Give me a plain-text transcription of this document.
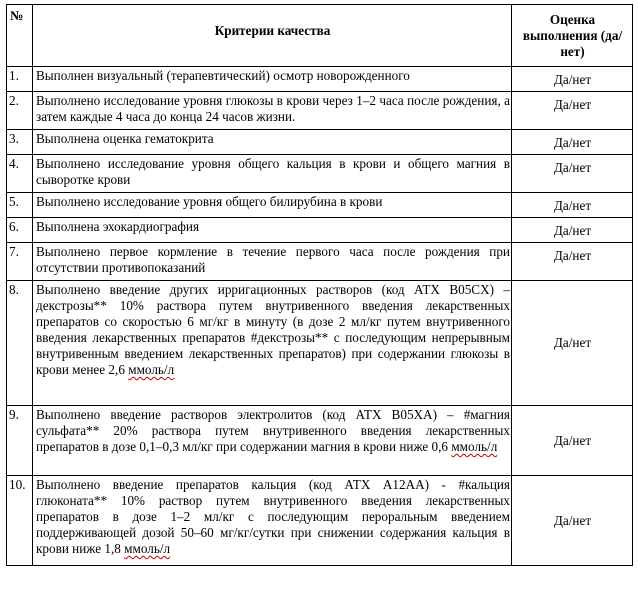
№	Критерии качества	Оценка выполнения (да/нет)
1.	Выполнен визуальный (терапевтический) осмотр новорожденного	Да/нет
2.	Выполнено исследование уровня глюкозы в крови через 1–2 часа после рождения, а затем каждые 4 часа до конца 24 часов жизни.	Да/нет
3.	Выполнена оценка гематокрита	Да/нет
4.	Выполнено исследование уровня общего кальция в крови и общего магния в сыворотке крови	Да/нет
5.	Выполнено исследование уровня общего билирубина в крови	Да/нет
6.	Выполнена эхокардиография	Да/нет
7.	Выполнено первое кормление в течение первого часа после рождения при отсутствии противопоказаний	Да/нет
8.	Выполнено введение других ирригационных растворов (код АТХ B05CX) – декстрозы** 10% раствора путем внутривенного введения лекарственных препаратов со скоростью 6 мг/кг в минуту (в дозе 2 мл/кг путем внутривенного введения лекарственных препаратов #декстрозы** с последующим непрерывным внутривенным введением лекарственных препаратов) при содержании глюкозы в крови менее 2,6 ммоль/л	Да/нет
9.	Выполнено введение растворов электролитов (код АТХ B05XA) – #магния сульфата** 20% раствора путем внутривенного введения лекарственных препаратов в дозе 0,1–0,3 мл/кг при содержании магния в крови ниже 0,6 ммоль/л	Да/нет
10.	Выполнено введение препаратов кальция (код АТХ A12AA) - #кальция глюконата** 10% раствор путем внутривенного введения лекарственных препаратов в дозе 1–2 мл/кг с последующим пероральным введением поддерживающей дозой 50–60 мг/кг/сутки при снижении содержания кальция в крови ниже 1,8 ммоль/л	Да/нет
